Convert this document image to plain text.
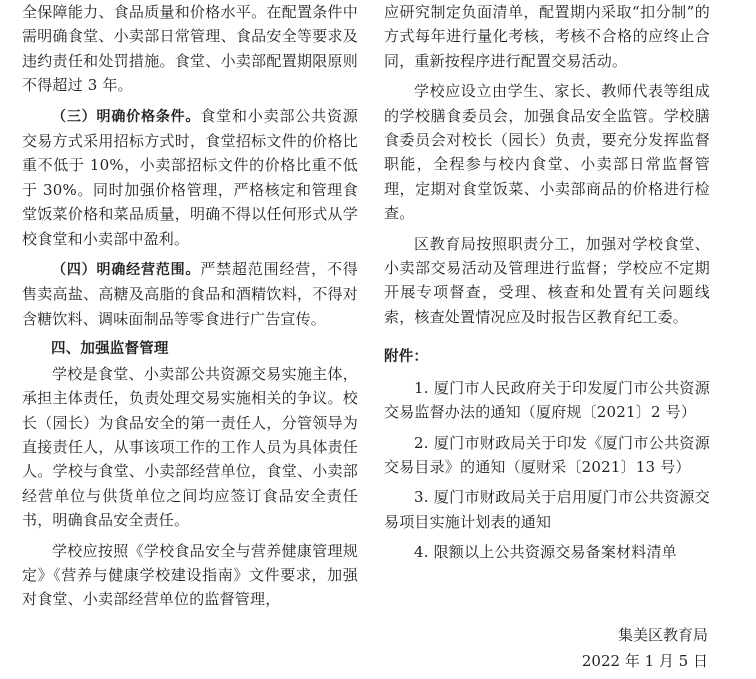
全保障能力、食品质量和价格水平。在配置条件中需明确食堂、小卖部日常管理、食品安全等要求及违约责任和处罚措施。食堂、小卖部配置期限原则不得超过 3 年。

（三）明确价格条件。食堂和小卖部公共资源交易方式采用招标方式时，食堂招标文件的价格比重不低于 10%，小卖部招标文件的价格比重不低于 30%。同时加强价格管理，严格核定和管理食堂饭菜价格和菜品质量，明确不得以任何形式从学校食堂和小卖部中盈利。

（四）明确经营范围。严禁超范围经营，不得售卖高盐、高糖及高脂的食品和酒精饮料，不得对含糖饮料、调味面制品等零食进行广告宣传。

四、加强监督管理

学校是食堂、小卖部公共资源交易实施主体，承担主体责任，负责处理交易实施相关的争议。校长（园长）为食品安全的第一责任人，分管领导为直接责任人，从事该项工作的工作人员为具体责任人。学校与食堂、小卖部经营单位，食堂、小卖部经营单位与供货单位之间均应签订食品安全责任书，明确食品安全责任。

学校应按照《学校食品安全与营养健康管理规定》《营养与健康学校建设指南》文件要求，加强对食堂、小卖部经营单位的监督管理，

应研究制定负面清单，配置期内采取“扣分制”的方式每年进行量化考核，考核不合格的应终止合同，重新按程序进行配置交易活动。

学校应设立由学生、家长、教师代表等组成的学校膳食委员会，加强食品安全监管。学校膳食委员会对校长（园长）负责，要充分发挥监督职能，全程参与校内食堂、小卖部日常监督管理，定期对食堂饭菜、小卖部商品的价格进行检查。

区教育局按照职责分工，加强对学校食堂、小卖部交易活动及管理进行监督；学校应不定期开展专项督查，受理、核查和处置有关问题线索，核查处置情况应及时报告区教育纪工委。

附件：

1. 厦门市人民政府关于印发厦门市公共资源交易监督办法的通知（厦府规〔2021〕2 号）

2. 厦门市财政局关于印发《厦门市公共资源交易目录》的通知（厦财采〔2021〕13 号）

3. 厦门市财政局关于启用厦门市公共资源交易项目实施计划表的通知

4. 限额以上公共资源交易备案材料清单

集美区教育局
2022 年 1 月 5 日
